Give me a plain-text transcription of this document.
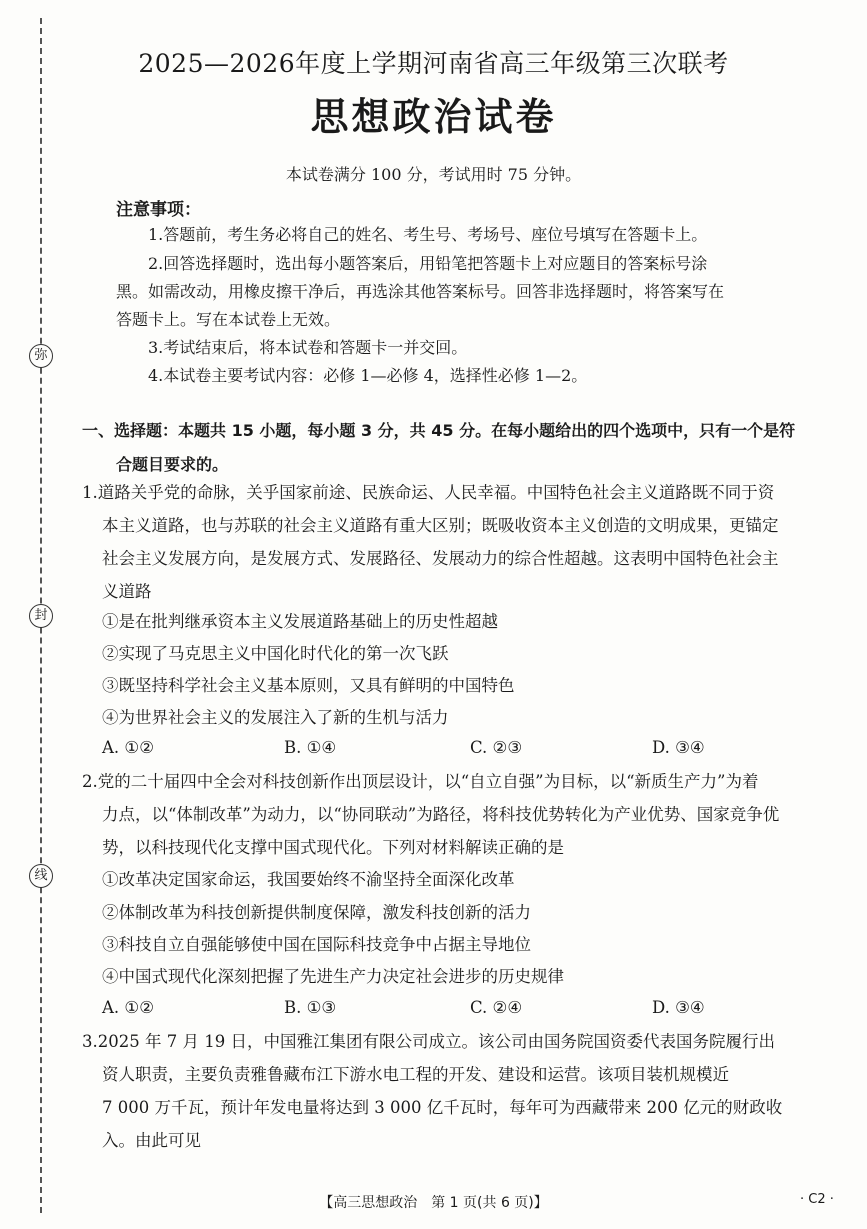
弥
封
线
2025—2026年度上学期河南省高三年级第三次联考
思想政治试卷
本试卷满分 100 分，考试用时 75 分钟。
注意事项：
1.答题前，考生务必将自己的姓名、考生号、考场号、座位号填写在答题卡上。
2.回答选择题时，选出每小题答案后，用铅笔把答题卡上对应题目的答案标号涂
黑。如需改动，用橡皮擦干净后，再选涂其他答案标号。回答非选择题时，将答案写在
答题卡上。写在本试卷上无效。
3.考试结束后，将本试卷和答题卡一并交回。
4.本试卷主要考试内容：必修 1—必修 4，选择性必修 1—2。
一、选择题：本题共 15 小题，每小题 3 分，共 45 分。在每小题给出的四个选项中，只有一个是符
合题目要求的。
1.道路关乎党的命脉，关乎国家前途、民族命运、人民幸福。中国特色社会主义道路既不同于资
本主义道路，也与苏联的社会主义道路有重大区别；既吸收资本主义创造的文明成果，更锚定
社会主义发展方向，是发展方式、发展路径、发展动力的综合性超越。这表明中国特色社会主
义道路
①是在批判继承资本主义发展道路基础上的历史性超越
②实现了马克思主义中国化时代化的第一次飞跃
③既坚持科学社会主义基本原则，又具有鲜明的中国特色
④为世界社会主义的发展注入了新的生机与活力
A. ①②	B. ①④	C. ②③	D. ③④
2.党的二十届四中全会对科技创新作出顶层设计，以“自立自强”为目标，以“新质生产力”为着
力点，以“体制改革”为动力，以“协同联动”为路径，将科技优势转化为产业优势、国家竞争优
势，以科技现代化支撑中国式现代化。下列对材料解读正确的是
①改革决定国家命运，我国要始终不渝坚持全面深化改革
②体制改革为科技创新提供制度保障，激发科技创新的活力
③科技自立自强能够使中国在国际科技竞争中占据主导地位
④中国式现代化深刻把握了先进生产力决定社会进步的历史规律
A. ①②	B. ①③	C. ②④	D. ③④
3.2025 年 7 月 19 日，中国雅江集团有限公司成立。该公司由国务院国资委代表国务院履行出
资人职责，主要负责雅鲁藏布江下游水电工程的开发、建设和运营。该项目装机规模近
7 000 万千瓦，预计年发电量将达到 3 000 亿千瓦时，每年可为西藏带来 200 亿元的财政收
入。由此可见
【高三思想政治　第 1 页(共 6 页)】	· C2 ·
